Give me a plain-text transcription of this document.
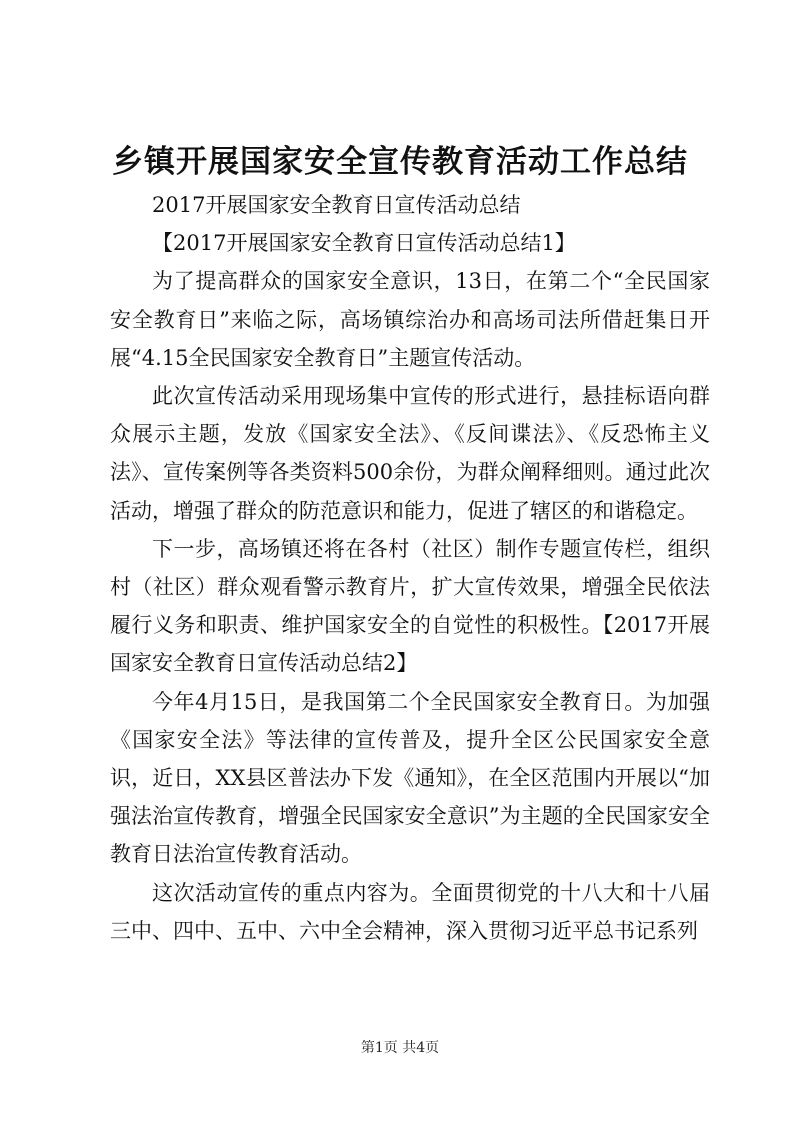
乡镇开展国家安全宣传教育活动工作总结

2017开展国家安全教育日宣传活动总结

【2017开展国家安全教育日宣传活动总结1】

为了提高群众的国家安全意识，13日，在第二个“全民国家安全教育日”来临之际，高场镇综治办和高场司法所借赶集日开展“4.15全民国家安全教育日”主题宣传活动。

此次宣传活动采用现场集中宣传的形式进行，悬挂标语向群众展示主题，发放《国家安全法》、《反间谍法》、《反恐怖主义法》、宣传案例等各类资料500余份，为群众阐释细则。通过此次活动，增强了群众的防范意识和能力，促进了辖区的和谐稳定。

下一步，高场镇还将在各村（社区）制作专题宣传栏，组织村（社区）群众观看警示教育片，扩大宣传效果，增强全民依法履行义务和职责、维护国家安全的自觉性的积极性。【2017开展国家安全教育日宣传活动总结2】

今年4月15日，是我国第二个全民国家安全教育日。为加强《国家安全法》等法律的宣传普及，提升全区公民国家安全意识，近日，XX县区普法办下发《通知》，在全区范围内开展以“加强法治宣传教育，增强全民国家安全意识”为主题的全民国家安全教育日法治宣传教育活动。

这次活动宣传的重点内容为。全面贯彻党的十八大和十八届三中、四中、五中、六中全会精神，深入贯彻习近平总书记系列

第1页 共4页
